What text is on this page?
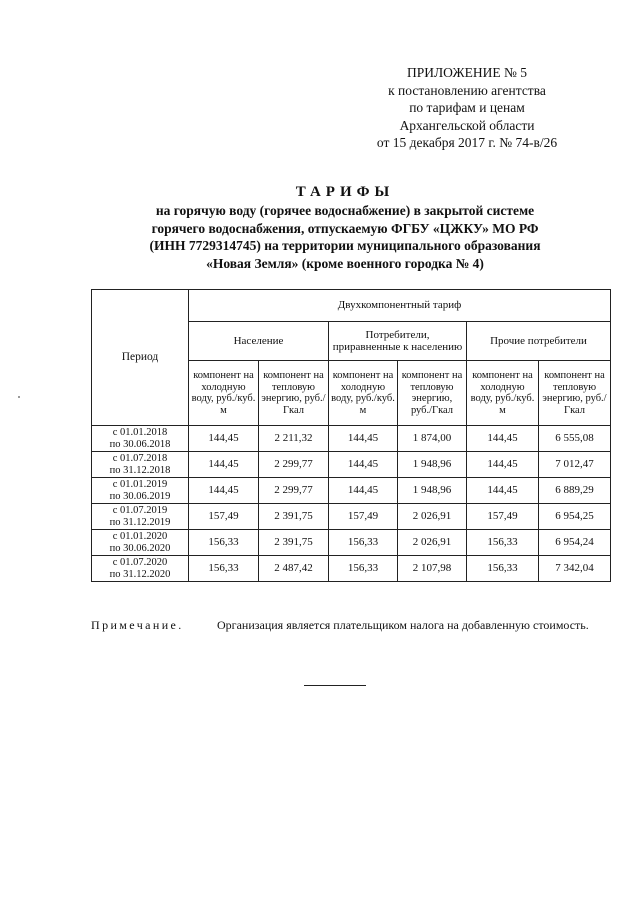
ПРИЛОЖЕНИЕ № 5
к постановлению агентства
по тарифам и ценам
Архангельской области
от 15 декабря 2017 г. № 74-в/26
ТАРИФЫ
на горячую воду (горячее водоснабжение) в закрытой системе
горячего водоснабжения, отпускаемую ФГБУ «ЦЖКУ» МО РФ
(ИНН 7729314745) на территории муниципального образования
«Новая Земля» (кроме военного городка № 4)
Период	Двухкомпонентный тариф					
	Население		Потребители, приравненные к населению		Прочие потребители	
	компонент на холодную воду, руб./куб. м	компонент на тепловую энергию, руб./Гкал	компонент на холодную воду, руб./куб. м	компонент на тепловую энергию, руб./Гкал	компонент на холодную воду, руб./куб. м	компонент на тепловую энергию, руб./Гкал

с 01.01.2018
по 30.06.2018	144,45	2 211,32	144,45	1 874,00	144,45	6 555,08

с 01.07.2018
по 31.12.2018	144,45	2 299,77	144,45	1 948,96	144,45	7 012,47

с 01.01.2019
по 30.06.2019	144,45	2 299,77	144,45	1 948,96	144,45	6 889,29

с 01.07.2019
по 31.12.2019	157,49	2 391,75	157,49	2 026,91	157,49	6 954,25

с 01.01.2020
по 30.06.2020	156,33	2 391,75	156,33	2 026,91	156,33	6 954,24

с 01.07.2020
по 31.12.2020	156,33	2 487,42	156,33	2 107,98	156,33	7 342,04
Примечание.	Организация является плательщиком налога на добавленную стоимость.
